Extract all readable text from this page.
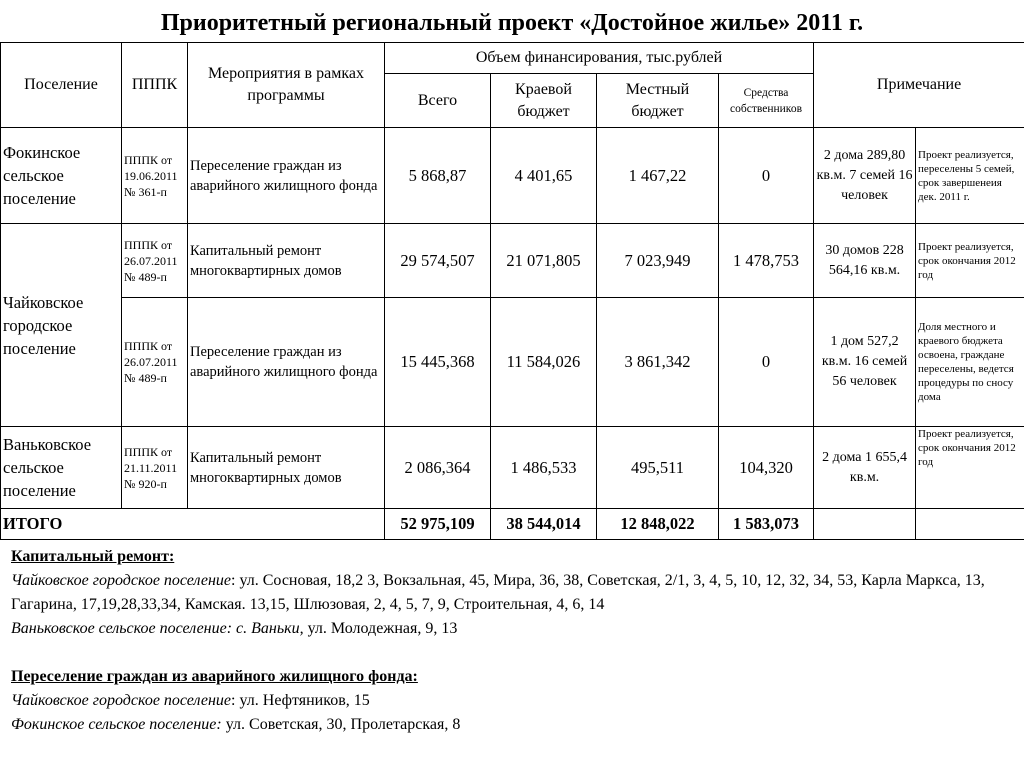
Приоритетный региональный проект «Достойное жилье» 2011 г.
Поселение	ПППК	Мероприятия в рамках программы	Объем финансирования, тыс.рублей				Примечание	
			Всего	Краевой бюджет	Местный бюджет	Средства собственников		
Фокинское сельское поселение	ПППК от 19.06.2011 № 361-п	Переселение граждан из аварийного жилищного фонда	5 868,87	4 401,65	1 467,22	0	2 дома 289,80 кв.м. 7 семей 16 человек	Проект реализуется, переселены 5 семей, срок завершенеия дек. 2011 г.
Чайковское городское поселение	ПППК от 26.07.2011 № 489-п	Капитальный ремонт многоквартирных домов	29 574,507	21 071,805	7 023,949	1 478,753	30 домов 228 564,16 кв.м.	Проект реализуется, срок окончания 2012 год
	ПППК от 26.07.2011 № 489-п	Переселение граждан из аварийного жилищного фонда	15 445,368	11 584,026	3 861,342	0	1 дом 527,2 кв.м. 16 семей 56 человек	Доля местного и краевого бюджета освоена, граждане переселены, ведется процедуры по сносу дома
Ваньковское сельское поселение	ПППК от 21.11.2011 № 920-п	Капитальный ремонт многоквартирных домов	2 086,364	1 486,533	495,511	104,320	2 дома 1 655,4 кв.м.	Проект реализуется, срок окончания 2012 год
ИТОГО			52 975,109	38 544,014	12 848,022	1 583,073		
Капитальный ремонт:
Чайковское городское поселение: ул. Сосновая, 18,2 3, Вокзальная, 45, Мира, 36, 38, Советская, 2/1, 3, 4, 5, 10, 12, 32, 34, 53, Карла Маркса, 13, Гагарина, 17,19,28,33,34, Камская. 13,15, Шлюзовая, 2, 4, 5, 7, 9, Строительная, 4, 6, 14
Ваньковское сельское поселение: с. Ваньки, ул. Молодежная, 9, 13
Переселение граждан из аварийного жилищного фонда:
Чайковское городское поселение: ул. Нефтяников, 15
Фокинское сельское поселение: ул. Советская, 30, Пролетарская, 8
